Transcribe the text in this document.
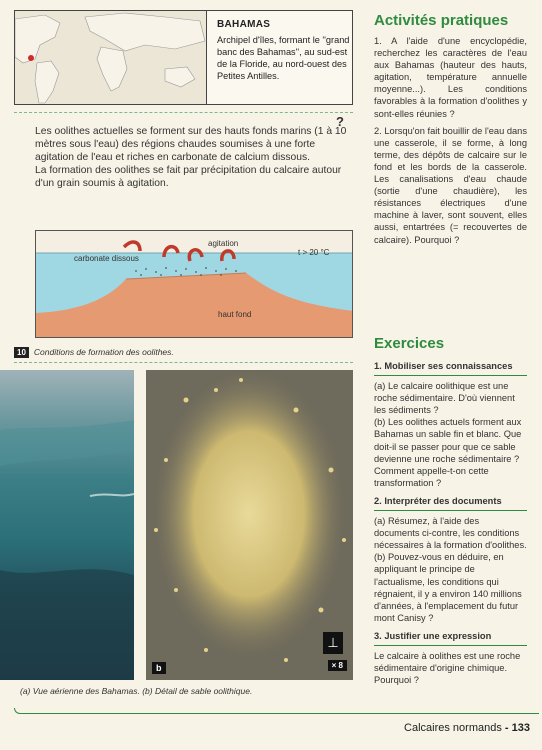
BAHAMAS
Archipel d'îles, formant le ''grand banc des Bahamas'', au sud-est de la Floride, au nord-ouest des Petites Antilles.
?

Les oolithes actuelles se forment sur des hauts fonds marins (1 à 10 mètres sous l'eau) des régions chaudes soumises à une forte agitation de l'eau et riches en carbonate de calcium dissous.

La formation des oolithes se fait par précipitation du calcaire autour d'un grain soumis à agitation.

agitation
t > 20 °C
carbonate dissous
haut fond
10 Conditions de formation des oolithes.
b	× 8
⊥
(a) Vue aérienne des Bahamas. (b) Détail de sable oolithique.
Activités pratiques

1. A l'aide d'une encyclopédie, recherchez les caractères de l'eau aux Bahamas (hauteur des hauts, agitation, température annuelle moyenne...). Les conditions favorables à la formation d'oolithes y sont-elles réunies ?

2. Lorsqu'on fait bouillir de l'eau dans une casserole, il se forme, à long terme, des dépôts de calcaire sur le fond et les bords de la casserole. Les canalisations d'eau chaude (sortie d'une chaudière), les résistances électriques d'une machine à laver, sont souvent, elles aussi, entartrées (= recouvertes de calcaire). Pourquoi ?

Exercices
1. Mobiliser ses connaissances

(a) Le calcaire oolithique est une roche sédimentaire. D'où viennent les sédiments ?

(b) Les oolithes actuels forment aux Bahamas un sable fin et blanc. Que doit-il se passer pour que ce sable devienne une roche sédimentaire ? Comment appelle-t-on cette transformation ?

2. Interpréter des documents

(a) Résumez, à l'aide des documents ci-contre, les conditions nécessaires à la formation d'oolithes.

(b) Pouvez-vous en déduire, en appliquant le principe de l'actualisme, les conditions qui régnaient, il y a environ 140 millions d'années, à l'emplacement du futur mont Canisy ?

3. Justifier une expression

Le calcaire à oolithes est une roche sédimentaire d'origine chimique. Pourquoi ?

Calcaires normands - 133
